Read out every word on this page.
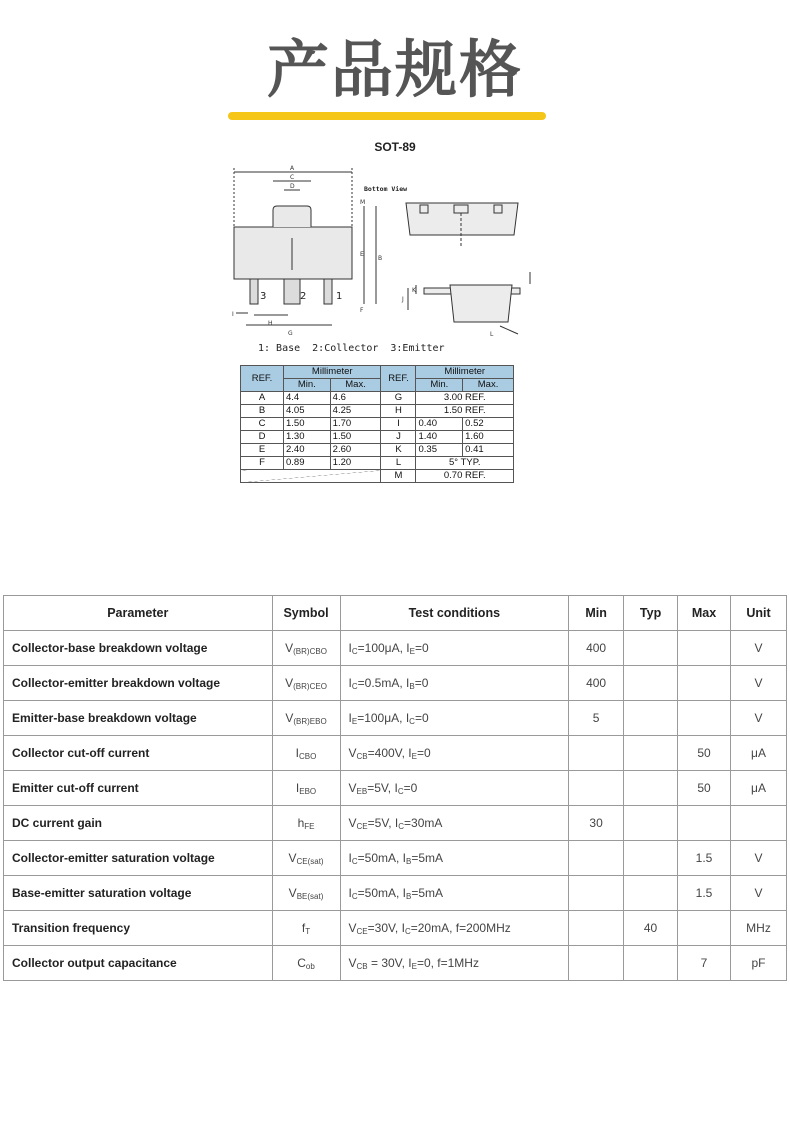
产品规格
SOT-89
A
C
D
M
B
E
F
I
H
G
J
K
L
Bottom View
3	2	1
1: Base 2:Collector 3:Emitter
REF.	Millimeter		REF.	Millimeter	
	Min.	Max.		Min.	Max.
A	4.4	4.6	G	3.00 REF.	
B	4.05	4.25	H	1.50 REF.	
C	1.50	1.70	I	0.40	0.52
D	1.30	1.50	J	1.40	1.60
E	2.40	2.60	K	0.35	0.41
F	0.89	1.20	L	5° TYP.	
			M	0.70 REF.	
Parameter	Symbol	Test conditions	Min	Typ	Max	Unit
Collector-base breakdown voltage	$V_{(BR)CBO}$	$I_C=100\mu A$, $I_E=0$	400			V
Collector-emitter breakdown voltage	$V_{(BR)CEO}$	$I_C=0.5mA$, $I_B=0$	400			V
Emitter-base breakdown voltage	$V_{(BR)EBO}$	$I_E=100\mu A$, $I_C=0$	5			V
Collector cut-off current	$I_{CBO}$	$V_{CB}=400V$, $I_E=0$			50	μA
Emitter cut-off current	$I_{EBO}$	$V_{EB}=5V$, $I_C=0$			50	μA
DC current gain	$h_{FE}$	$V_{CE}=5V$, $I_C=30mA$	30			
Collector-emitter saturation voltage	$V_{CE(sat)}$	$I_C=50mA$, $I_B=5mA$			1.5	V
Base-emitter saturation voltage	$V_{BE(sat)}$	$I_C=50mA$, $I_B=5mA$			1.5	V
Transition frequency	$f_T$	$V_{CE}=30V$, $I_C=20mA$, f=200MHz		40		MHz
Collector output capacitance	$C_{ob}$	$V_{CB} = 30V$, $I_E=0$, f=1MHz			7	pF
